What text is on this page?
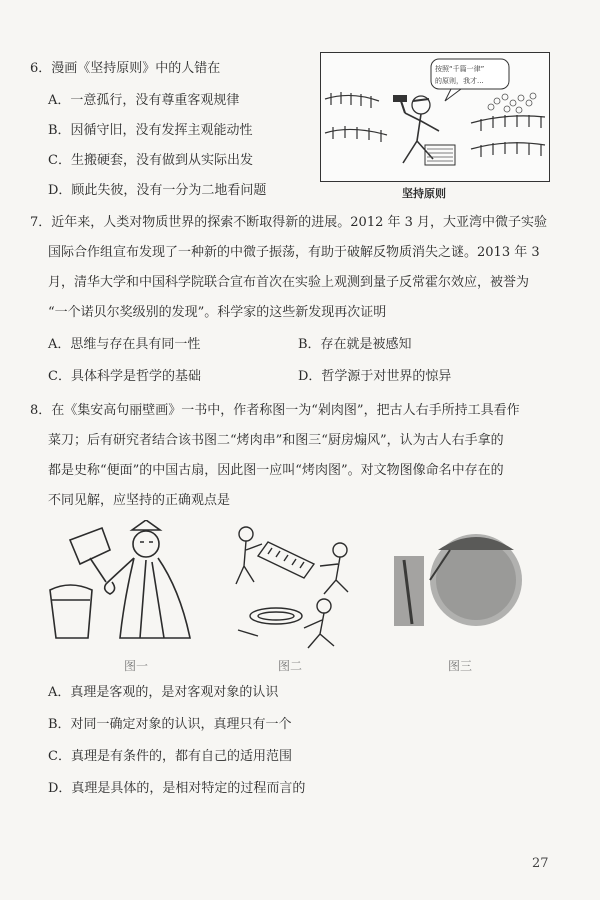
6．漫画《坚持原则》中的人错在
A．一意孤行，没有尊重客观规律
B．因循守旧，没有发挥主观能动性
C．生搬硬套，没有做到从实际出发
D．顾此失彼，没有一分为二地看问题
按照“千篇一律”
的原则，我才...
坚持原则
7．近年来，人类对物质世界的探索不断取得新的进展。2012 年 3 月，大亚湾中微子实验
国际合作组宣布发现了一种新的中微子振荡，有助于破解反物质消失之谜。2013 年 3
月，清华大学和中国科学院联合宣布首次在实验上观测到量子反常霍尔效应，被誉为
“一个诺贝尔奖级别的发现”。科学家的这些新发现再次证明
A．思维与存在具有同一性	B．存在就是被感知
C．具体科学是哲学的基础	D．哲学源于对世界的惊异
8．在《集安高句丽壁画》一书中，作者称图一为“剁肉图”，把古人右手所持工具看作
菜刀；后有研究者结合该书图二“烤肉串”和图三“厨房煽风”，认为古人右手拿的
都是史称“便面”的中国古扇，因此图一应叫“烤肉图”。对文物图像命名中存在的
不同见解，应坚持的正确观点是
图一	图二	图三
A．真理是客观的，是对客观对象的认识
B．对同一确定对象的认识，真理只有一个
C．真理是有条件的，都有自己的适用范围
D．真理是具体的，是相对特定的过程而言的
27
